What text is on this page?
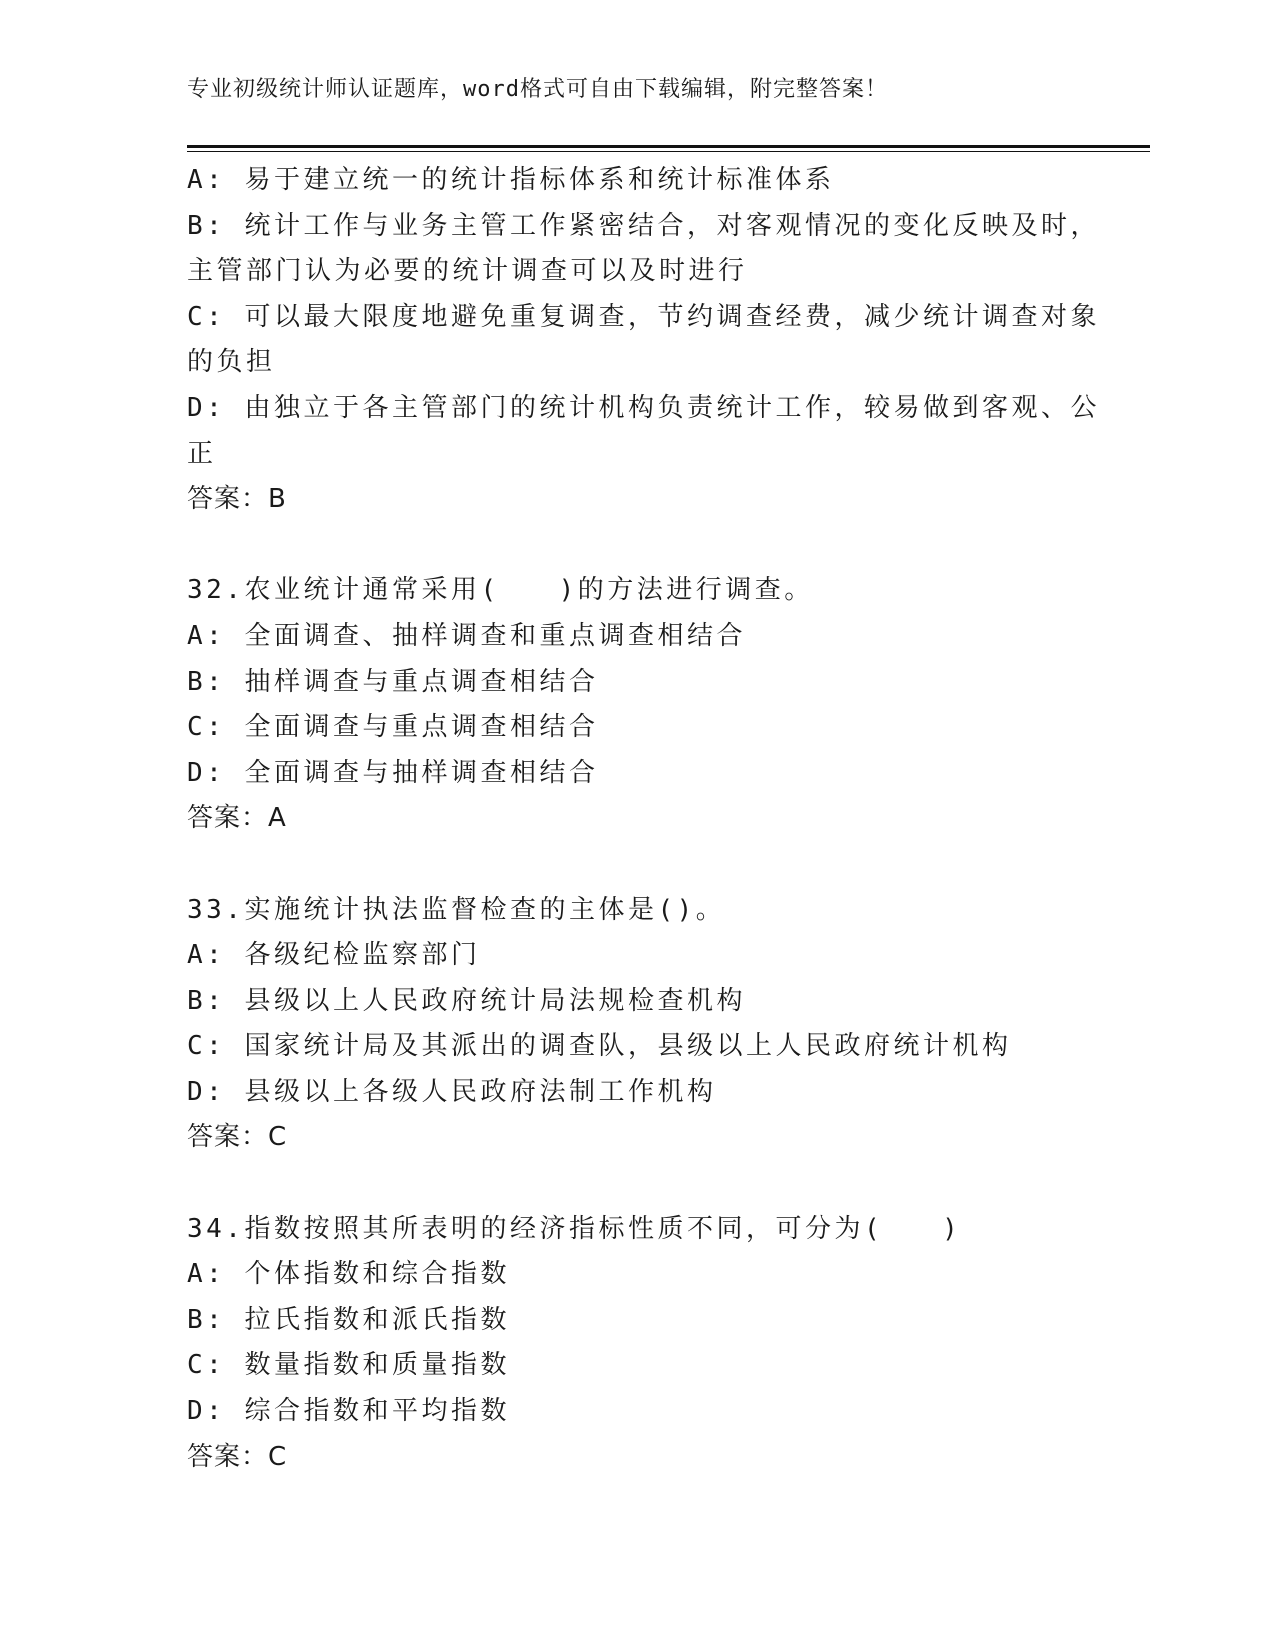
专业初级统计师认证题库，word格式可自由下载编辑，附完整答案！
A: 易于建立统一的统计指标体系和统计标准体系
B: 统计工作与业务主管工作紧密结合，对客观情况的变化反映及时，
主管部门认为必要的统计调查可以及时进行
C: 可以最大限度地避免重复调查，节约调查经费，减少统计调查对象
的负担
D: 由独立于各主管部门的统计机构负责统计工作，较易做到客观、公
正
答案：B
32.农业统计通常采用(　　)的方法进行调查。
A: 全面调查、抽样调查和重点调查相结合
B: 抽样调查与重点调查相结合
C: 全面调查与重点调查相结合
D: 全面调查与抽样调查相结合
答案：A
33.实施统计执法监督检查的主体是()。
A: 各级纪检监察部门
B: 县级以上人民政府统计局法规检查机构
C: 国家统计局及其派出的调查队，县级以上人民政府统计机构
D: 县级以上各级人民政府法制工作机构
答案：C
34.指数按照其所表明的经济指标性质不同，可分为(　　)
A: 个体指数和综合指数
B: 拉氏指数和派氏指数
C: 数量指数和质量指数
D: 综合指数和平均指数
答案：C
